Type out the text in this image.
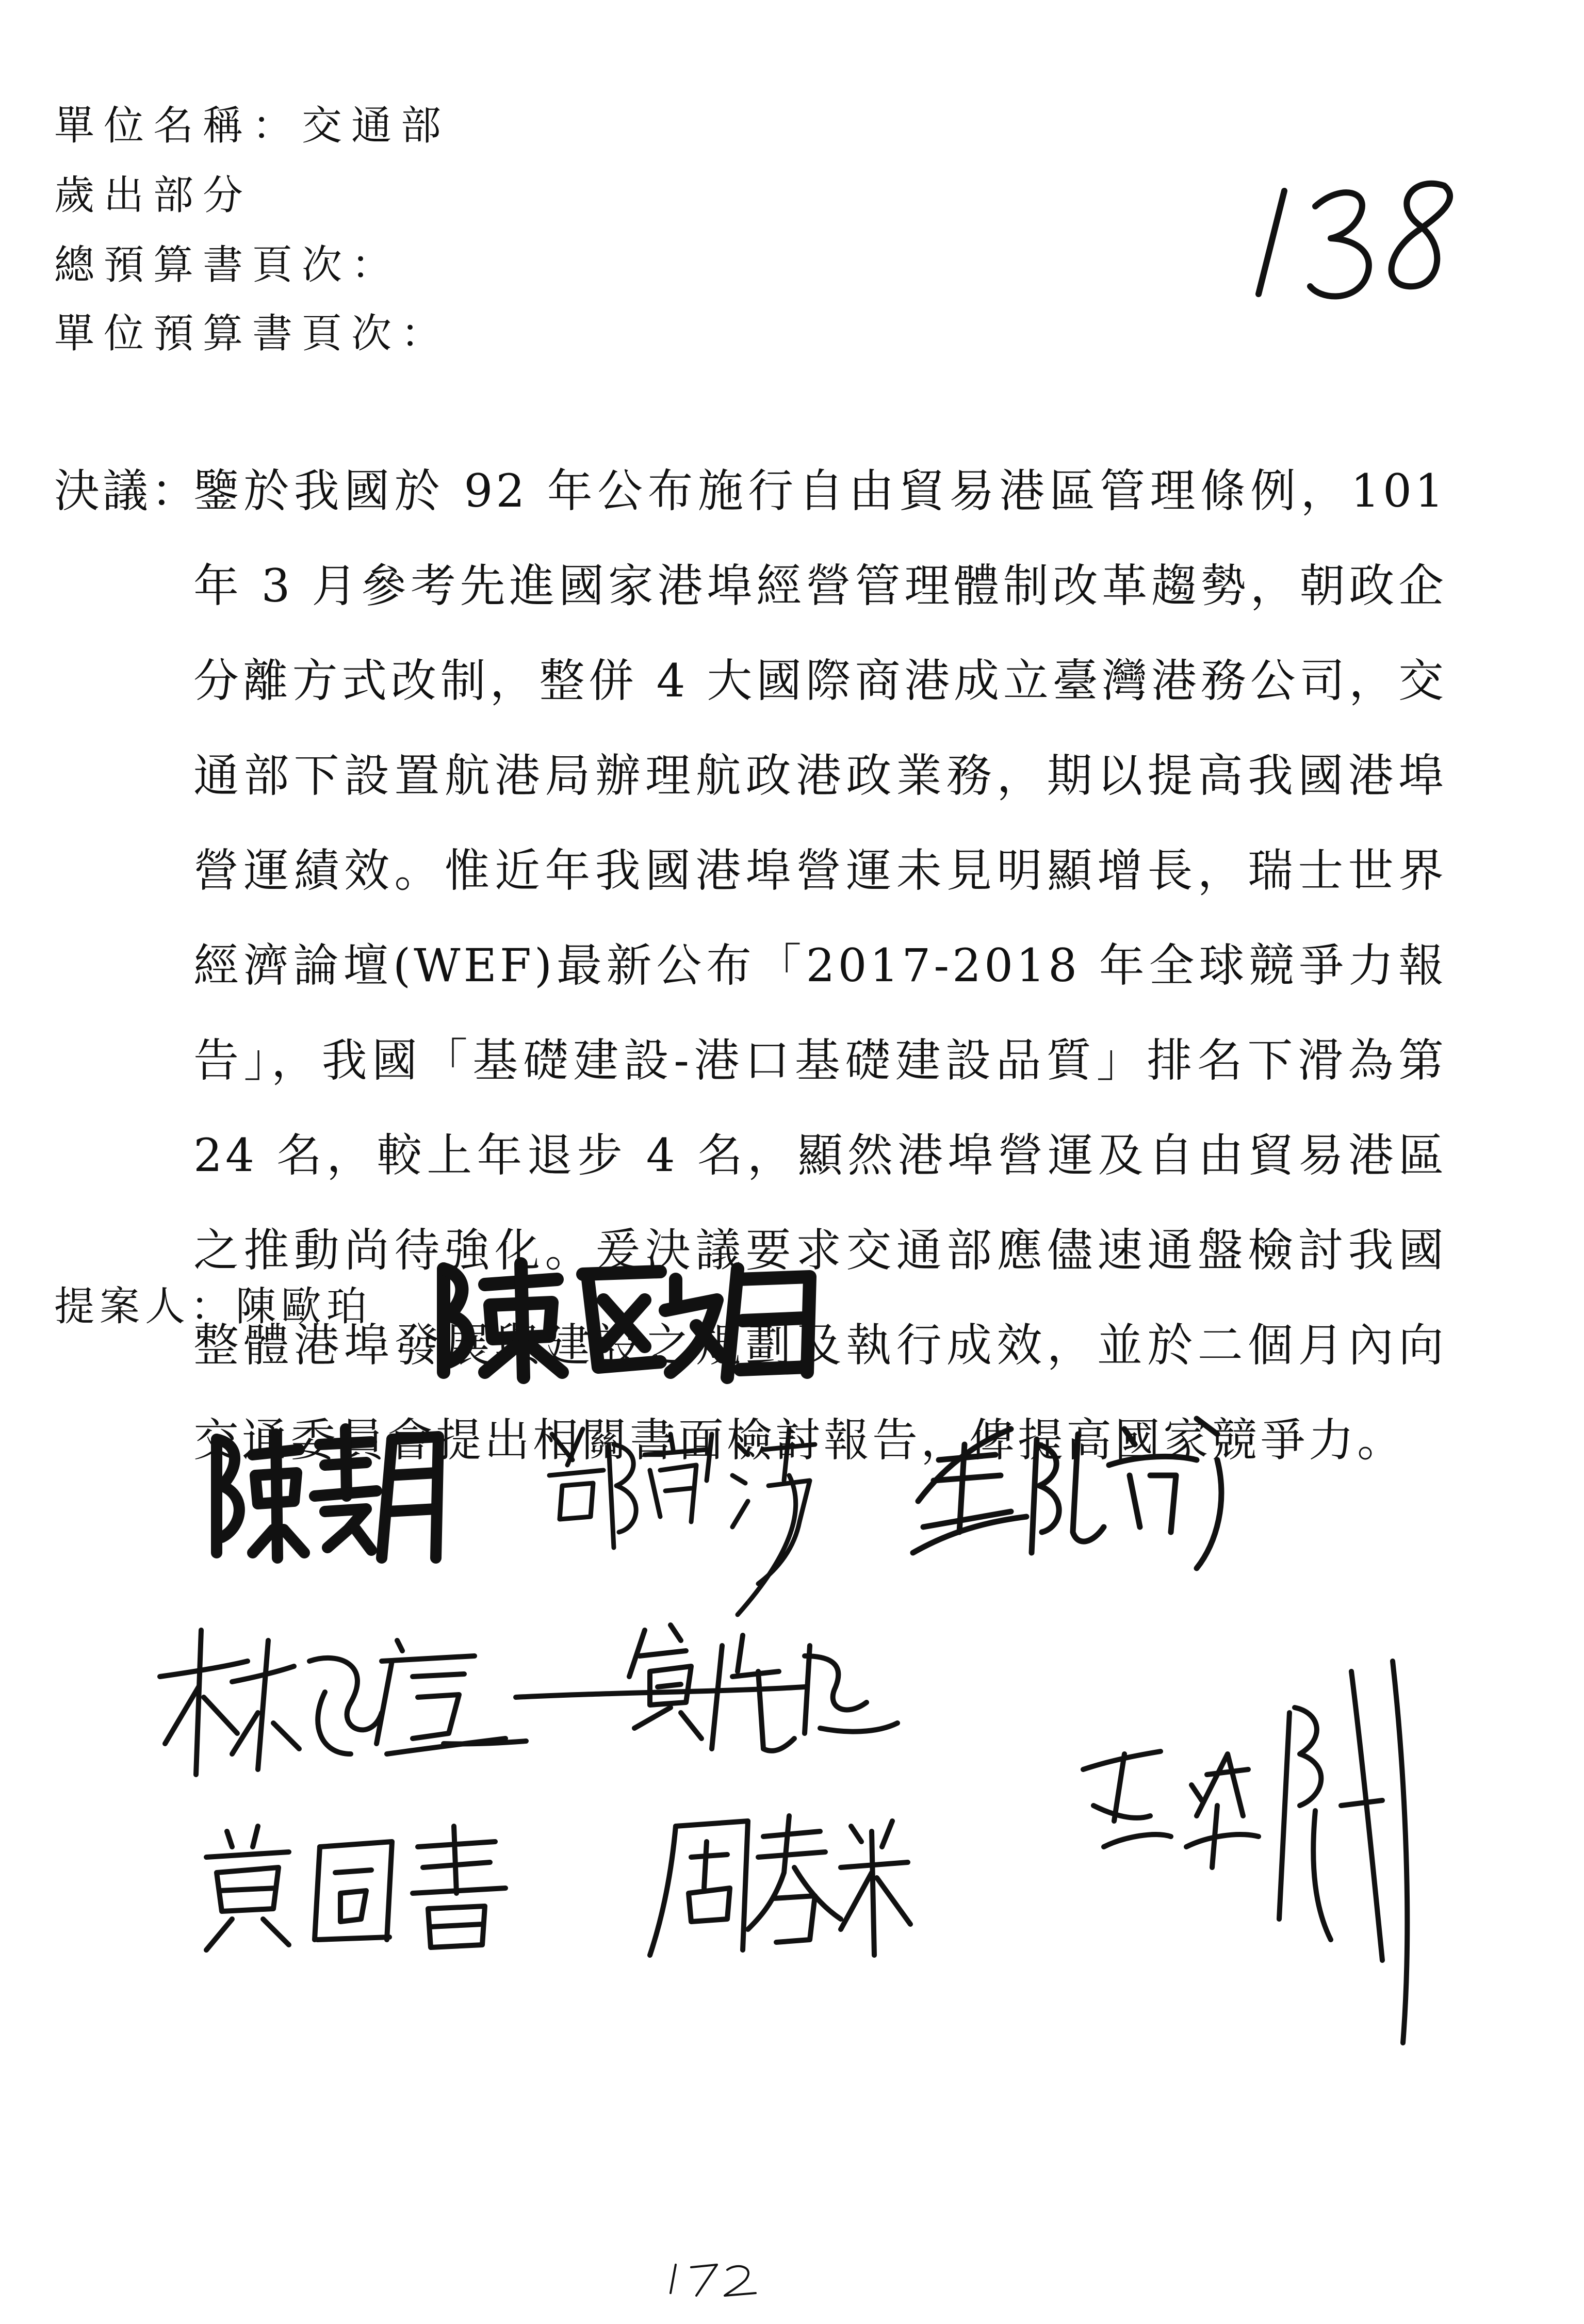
單位名稱：交通部
歲出部分
總預算書頁次：
單位預算書頁次：
決議：
鑒於我國於 92 年公布施行自由貿易港區管理條例，101 年 3 月參考先進國家港埠經營管理體制改革趨勢，朝政企分離方式改制，整併 4 大國際商港成立臺灣港務公司，交通部下設置航港局辦理航政港政業務，期以提高我國港埠營運績效。惟近年我國港埠營運未見明顯增長，瑞士世界經濟論壇(WEF)最新公布「2017-2018 年全球競爭力報告」，我國「基礎建設-港口基礎建設品質」排名下滑為第 24 名，較上年退步 4 名，顯然港埠營運及自由貿易港區之推動尚待強化。爰決議要求交通部應儘速通盤檢討我國整體港埠發展與建設之規劃及執行成效，並於二個月內向交通委員會提出相關書面檢討報告，俾提高國家競爭力。
提案人：陳歐珀
